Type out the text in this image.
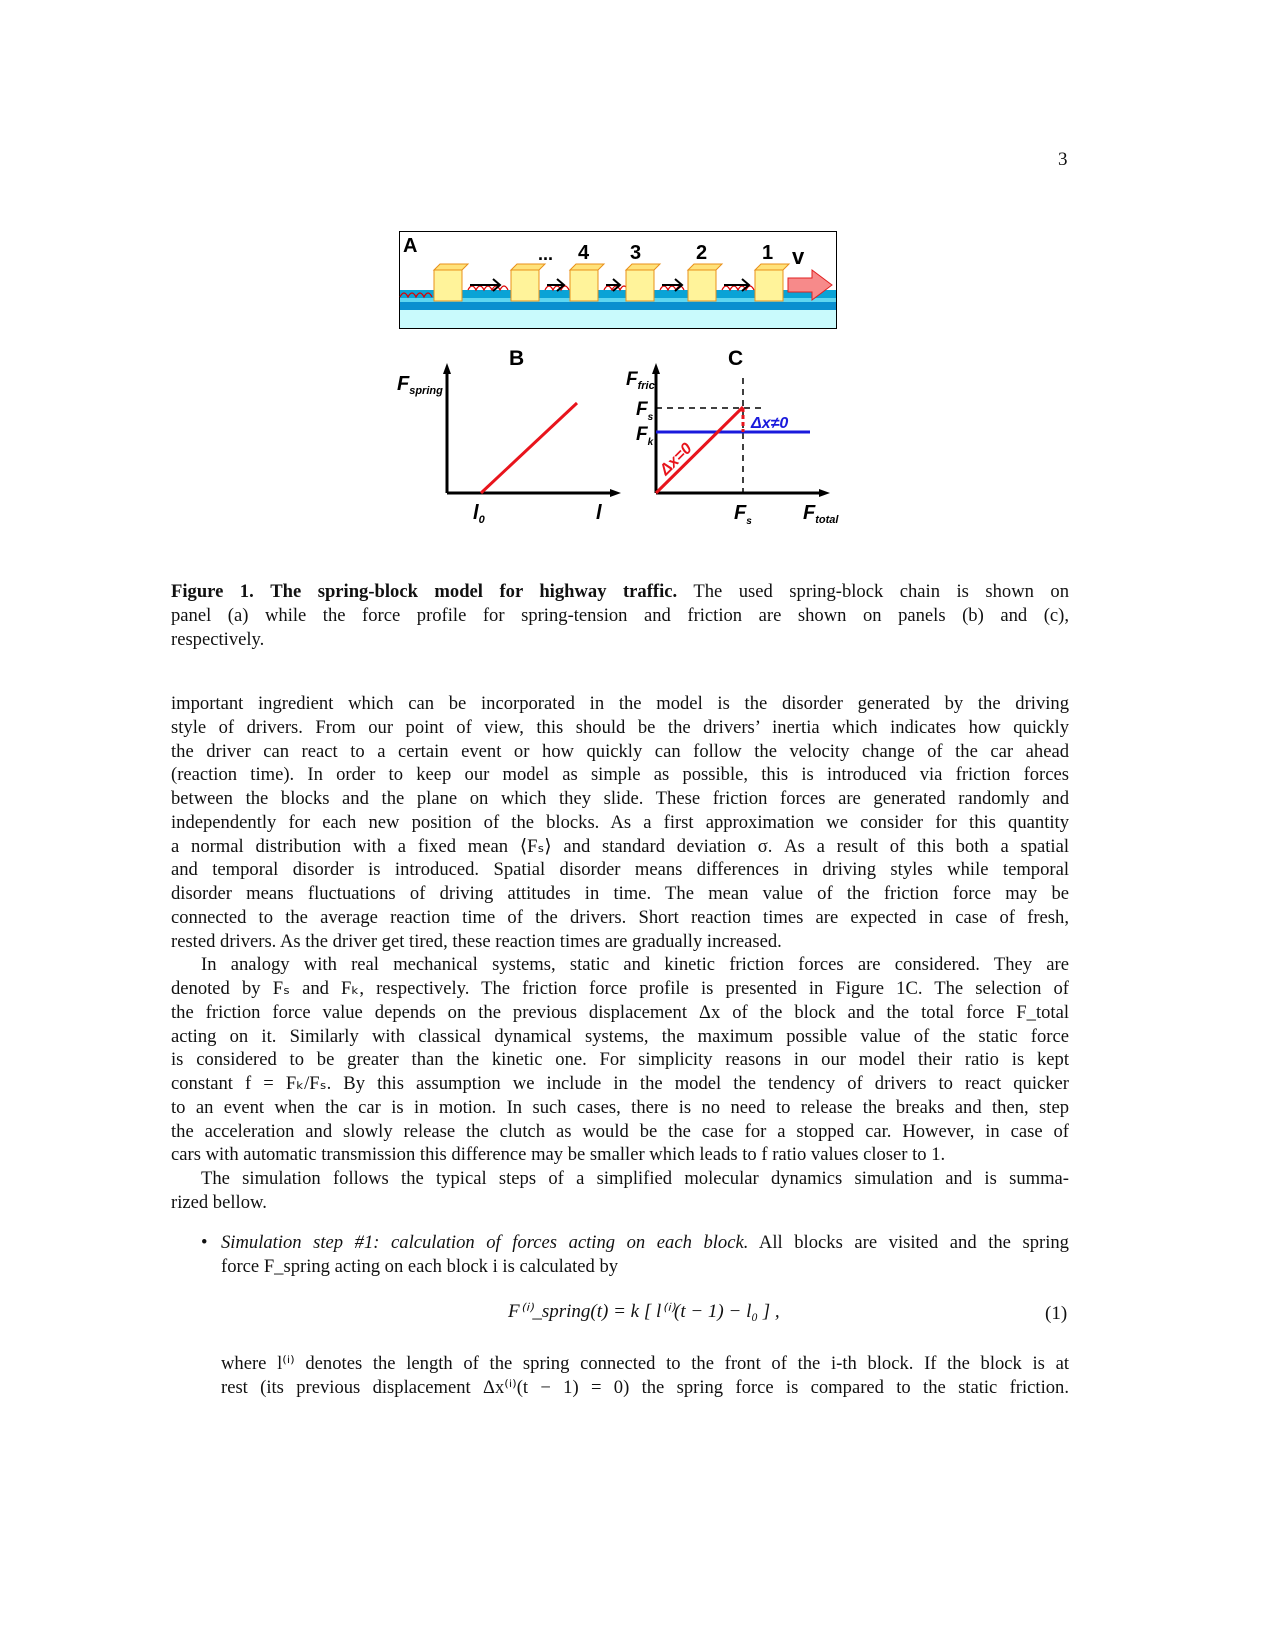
3
A	... 4 3	2	1 v
B
$F_{spring}$
$l_0$	l
C
$F_{fric}$
$F_s$
$F_k$
Δx≠0
Δx=0
$F_s$	$F_{total}$
Figure 1. The spring-block model for highway traffic. The used spring-block chain is shown on
panel (a) while the force profile for spring-tension and friction are shown on panels (b) and (c),
respectively.
important ingredient which can be incorporated in the model is the disorder generated by the driving
style of drivers. From our point of view, this should be the drivers’ inertia which indicates how quickly
the driver can react to a certain event or how quickly can follow the velocity change of the car ahead
(reaction time). In order to keep our model as simple as possible, this is introduced via friction forces
between the blocks and the plane on which they slide. These friction forces are generated randomly and
independently for each new position of the blocks. As a first approximation we consider for this quantity
a normal distribution with a fixed mean ⟨Fₛ⟩ and standard deviation σ. As a result of this both a spatial
and temporal disorder is introduced. Spatial disorder means differences in driving styles while temporal
disorder means fluctuations of driving attitudes in time. The mean value of the friction force may be
connected to the average reaction time of the drivers. Short reaction times are expected in case of fresh,
rested drivers. As the driver get tired, these reaction times are gradually increased.
In analogy with real mechanical systems, static and kinetic friction forces are considered. They are
denoted by Fₛ and Fₖ, respectively. The friction force profile is presented in Figure 1C. The selection of
the friction force value depends on the previous displacement Δx of the block and the total force F_total
acting on it. Similarly with classical dynamical systems, the maximum possible value of the static force
is considered to be greater than the kinetic one. For simplicity reasons in our model their ratio is kept
constant f = Fₖ/Fₛ. By this assumption we include in the model the tendency of drivers to react quicker
to an event when the car is in motion. In such cases, there is no need to release the breaks and then, step
the acceleration and slowly release the clutch as would be the case for a stopped car. However, in case of
cars with automatic transmission this difference may be smaller which leads to f ratio values closer to 1.
The simulation follows the typical steps of a simplified molecular dynamics simulation and is summa-
rized bellow.
• Simulation step #1: calculation of forces acting on each block. All blocks are visited and the spring
force F_spring acting on each block i is calculated by
F⁽ⁱ⁾_spring(t) = k [ l⁽ⁱ⁾(t − 1) − l₀ ] ,	(1)
where l⁽ⁱ⁾ denotes the length of the spring connected to the front of the i-th block. If the block is at
rest (its previous displacement Δx⁽ⁱ⁾(t − 1) = 0) the spring force is compared to the static friction.
